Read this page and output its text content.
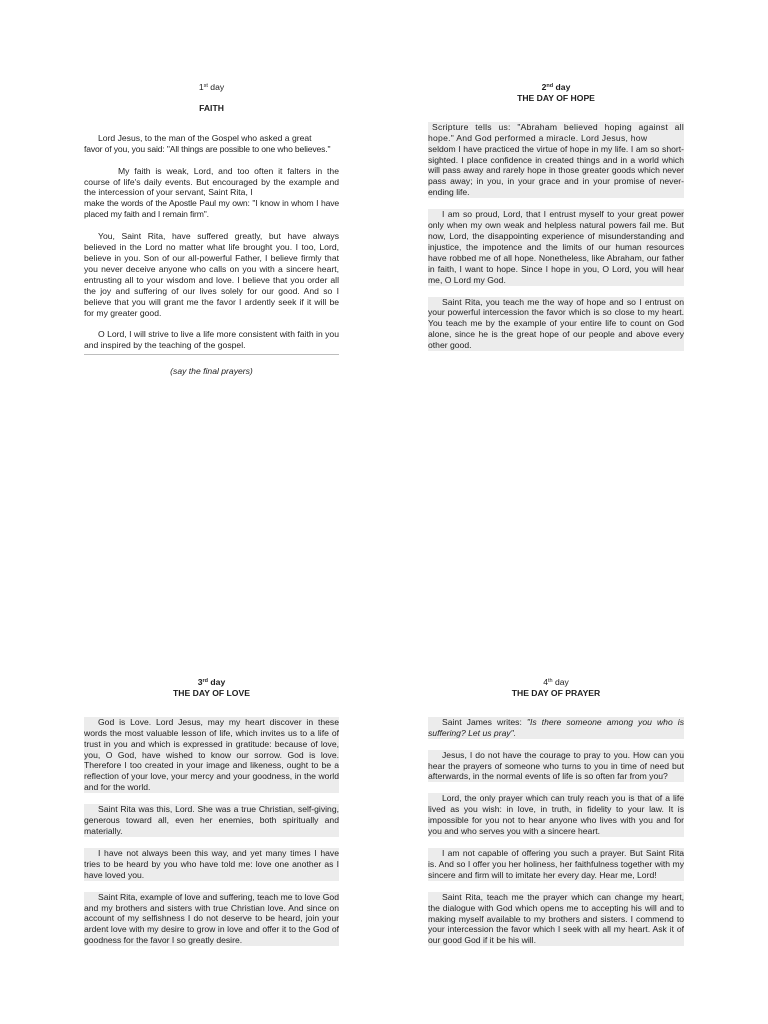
1st day

FAITH

Lord Jesus, to the man of the Gospel who asked a great

favor of you, you said: "All things are possible to one who believes."

My faith is weak, Lord, and too often it falters in the course of life's daily events. But encouraged by the example and the intercession of your servant, Saint Rita, I

make the words of the Apostle Paul my own: "I know in whom I have placed my faith and I remain firm".

You, Saint Rita, have suffered greatly, but have always believed in the Lord no matter what life brought you. I too, Lord, believe in you. Son of our all-powerful Father, I believe firmly that you never deceive anyone who calls on you with a sincere heart, entrusting all to your wisdom and love. I believe that you order all the joy and suffering of our lives solely for our good. And so I believe that you will grant me the favor I ardently seek if it will be for my greater good.

O Lord, I will strive to live a life more consistent with faith in you and inspired by the teaching of the gospel.

(say the final prayers)

2nd day

THE DAY OF HOPE

Scripture tells us: "Abraham believed hoping against all hope." And God performed a miracle. Lord Jesus, how

seldom I have practiced the virtue of hope in my life. I am so short-sighted. I place confidence in created things and in a world which will pass away and rarely hope in those greater goods which never pass away; in you, in your grace and in your promise of never-ending life.

I am so proud, Lord, that I entrust myself to your great power only when my own weak and helpless natural powers fail me. But now, Lord, the disappointing experience of misunderstanding and injustice, the impotence and the limits of our human resources have robbed me of all hope. Nonetheless, like Abraham, our father in faith, I want to hope. Since I hope in you, O Lord, you will hear me, O Lord my God.

Saint Rita, you teach me the way of hope and so I entrust on your powerful intercession the favor which is so close to my heart. You teach me by the example of your entire life to count on God alone, since he is the great hope of our people and above every other good.

3rd day

THE DAY OF LOVE

God is Love. Lord Jesus, may my heart discover in these words the most valuable lesson of life, which invites us to a life of trust in you and which is expressed in gratitude: because of love, you, O God, have wished to know our sorrow. God is love. Therefore I too created in your image and likeness, ought to be a reflection of your love, your mercy and your goodness, in the world and for the world.

Saint Rita was this, Lord. She was a true Christian, self-giving, generous toward all, even her enemies, both spiritually and materially.

I have not always been this way, and yet many times I have tries to be heard by you who have told me: love one another as I have loved you.

Saint Rita, example of love and suffering, teach me to love God and my brothers and sisters with true Christian love. And since on account of my selfishness I do not deserve to be heard, join your ardent love with my desire to grow in love and offer it to the God of goodness for the favor I so greatly desire.

4th day

THE DAY OF PRAYER

Saint James writes: "Is there someone among you who is suffering? Let us pray".

Jesus, I do not have the courage to pray to you. How can you hear the prayers of someone who turns to you in time of need but afterwards, in the normal events of life is so often far from you?

Lord, the only prayer which can truly reach you is that of a life lived as you wish: in love, in truth, in fidelity to your law. It is impossible for you not to hear anyone who lives with you and for you and who serves you with a sincere heart.

I am not capable of offering you such a prayer. But Saint Rita is. And so I offer you her holiness, her faithfulness together with my sincere and firm will to imitate her every day. Hear me, Lord!

Saint Rita, teach me the prayer which can change my heart, the dialogue with God which opens me to accepting his will and to making myself available to my brothers and sisters. I commend to your intercession the favor which I seek with all my heart. Ask it of our good God if it be his will.
